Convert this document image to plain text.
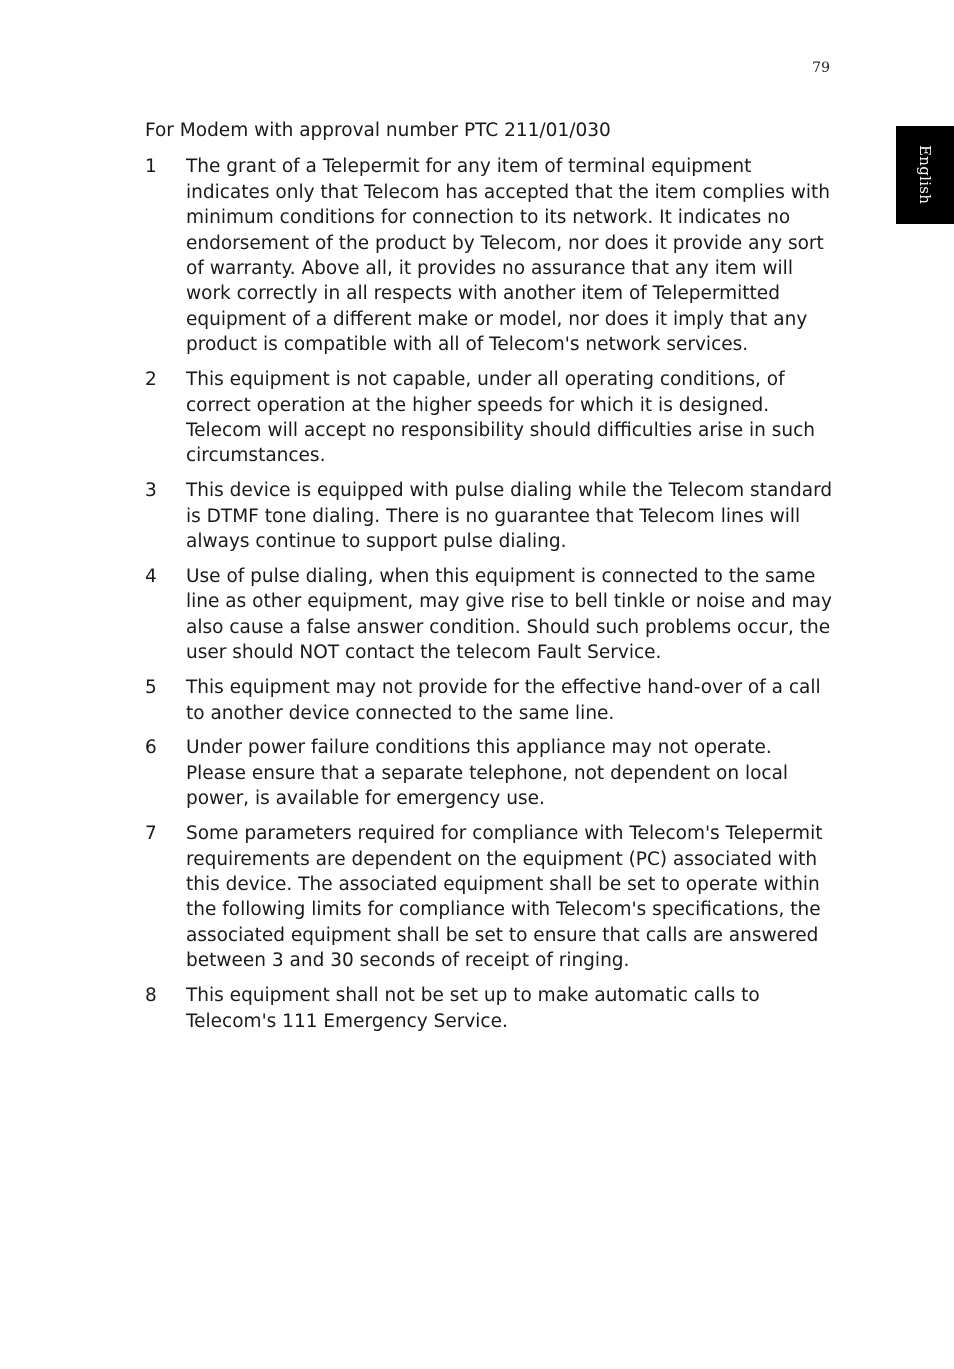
79
English

For Modem with approval number PTC 211/01/030

1	The grant of a Telepermit for any item of terminal equipment indicates only that Telecom has accepted that the item complies with minimum conditions for connection to its network. It indicates no endorsement of the product by Telecom, nor does it provide any sort of warranty. Above all, it provides no assurance that any item will work correctly in all respects with another item of Telepermitted equipment of a different make or model, nor does it imply that any product is compatible with all of Telecom's network services.
2	This equipment is not capable, under all operating conditions, of correct operation at the higher speeds for which it is designed. Telecom will accept no responsibility should difficulties arise in such circumstances.
3	This device is equipped with pulse dialing while the Telecom standard is DTMF tone dialing. There is no guarantee that Telecom lines will always continue to support pulse dialing.
4	Use of pulse dialing, when this equipment is connected to the same line as other equipment, may give rise to bell tinkle or noise and may also cause a false answer condition. Should such problems occur, the user should NOT contact the telecom Fault Service.
5	This equipment may not provide for the effective hand-over of a call to another device connected to the same line.
6	Under power failure conditions this appliance may not operate. Please ensure that a separate telephone, not dependent on local power, is available for emergency use.
7	Some parameters required for compliance with Telecom's Telepermit requirements are dependent on the equipment (PC) associated with this device. The associated equipment shall be set to operate within the following limits for compliance with Telecom's specifications, the associated equipment shall be set to ensure that calls are answered between 3 and 30 seconds of receipt of ringing.
8	This equipment shall not be set up to make automatic calls to Telecom's 111 Emergency Service.
